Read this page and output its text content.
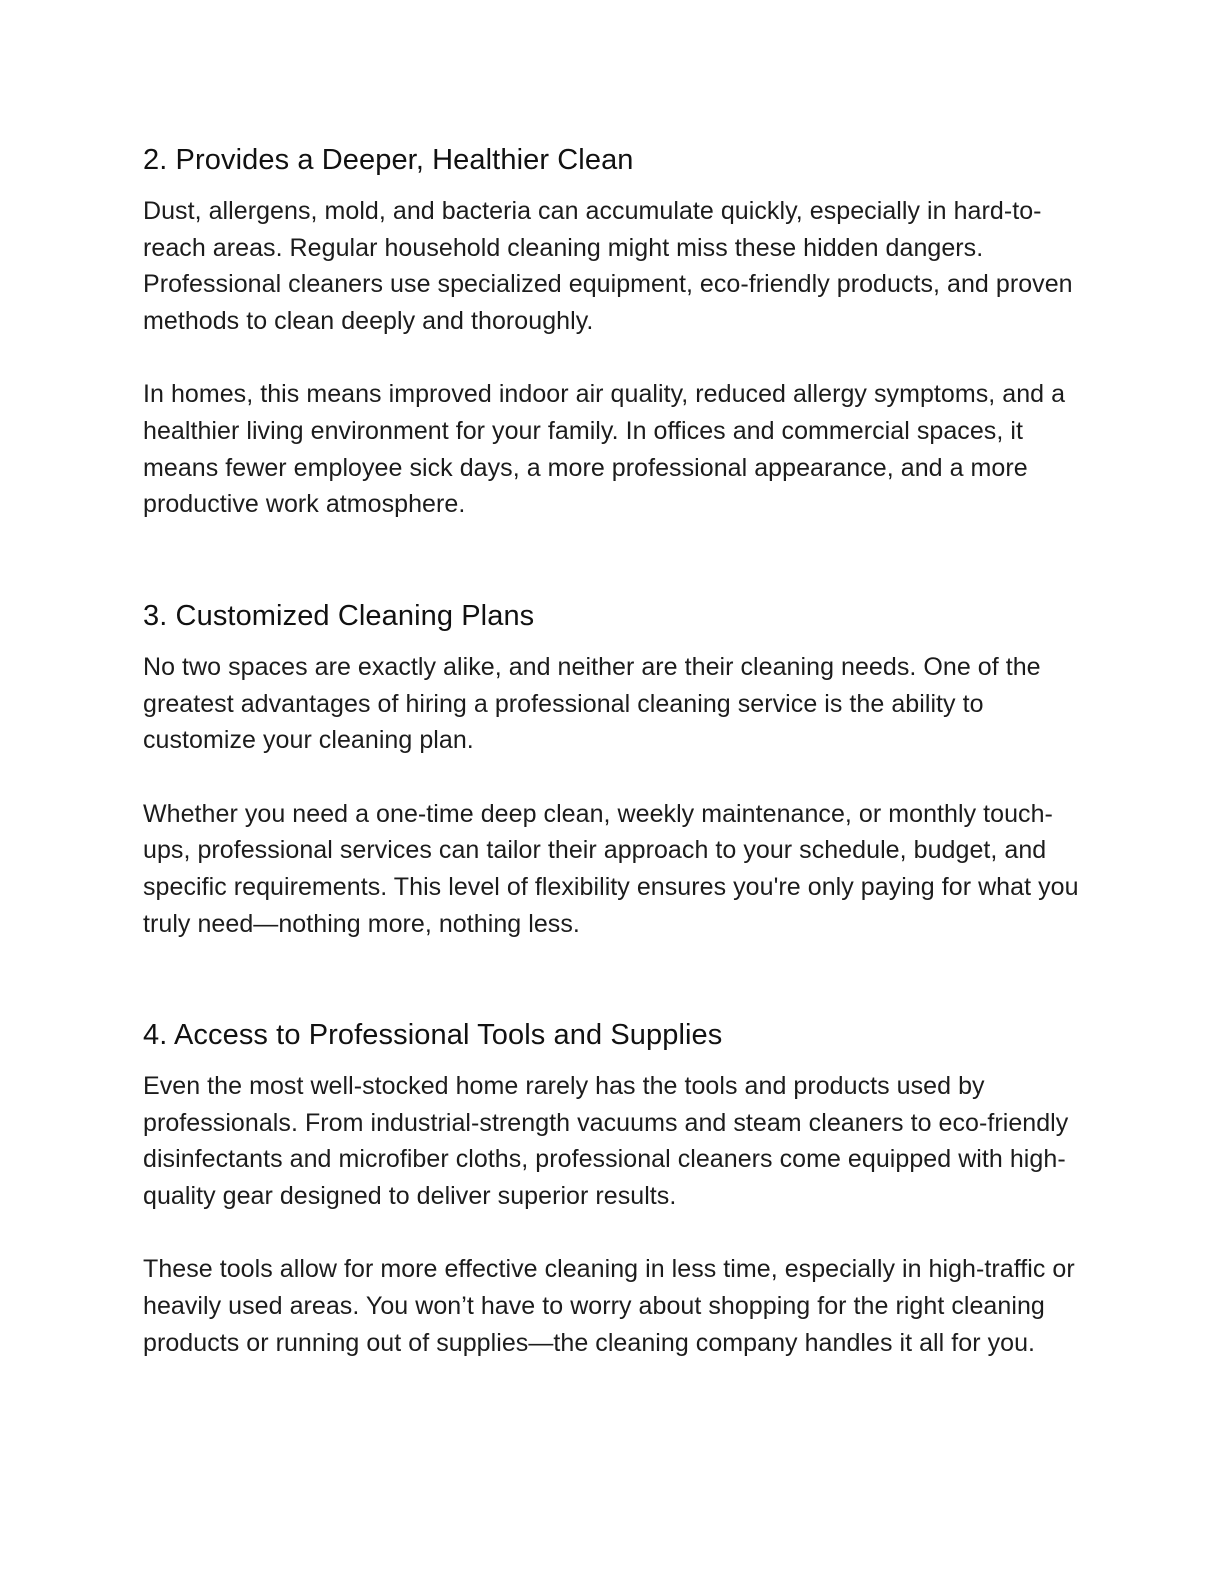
2. Provides a Deeper, Healthier Clean

Dust, allergens, mold, and bacteria can accumulate quickly, especially in hard-to-reach areas. Regular household cleaning might miss these hidden dangers. Professional cleaners use specialized equipment, eco-friendly products, and proven methods to clean deeply and thoroughly.

In homes, this means improved indoor air quality, reduced allergy symptoms, and a healthier living environment for your family. In offices and commercial spaces, it means fewer employee sick days, a more professional appearance, and a more productive work atmosphere.

3. Customized Cleaning Plans

No two spaces are exactly alike, and neither are their cleaning needs. One of the greatest advantages of hiring a professional cleaning service is the ability to customize your cleaning plan.

Whether you need a one-time deep clean, weekly maintenance, or monthly touch-ups, professional services can tailor their approach to your schedule, budget, and specific requirements. This level of flexibility ensures you're only paying for what you truly need—nothing more, nothing less.

4. Access to Professional Tools and Supplies

Even the most well-stocked home rarely has the tools and products used by professionals. From industrial-strength vacuums and steam cleaners to eco-friendly disinfectants and microfiber cloths, professional cleaners come equipped with high-quality gear designed to deliver superior results.

These tools allow for more effective cleaning in less time, especially in high-traffic or heavily used areas. You won’t have to worry about shopping for the right cleaning products or running out of supplies—the cleaning company handles it all for you.
